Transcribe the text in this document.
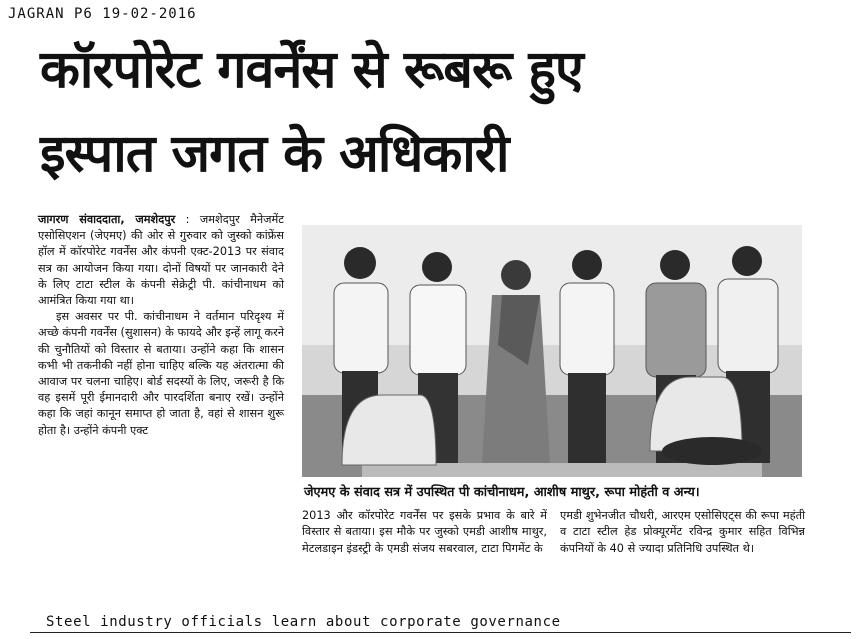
JAGRAN P6 19-02-2016
कॉरपोरेट गवर्नेंस से रूबरू हुए
इस्पात जगत के अधिकारी

जागरण संवाददाता, जमशेदपुर : जमशेदपुर मैनेजमेंट एसोसिएशन (जेएमए) की ओर से गुरुवार को जुस्को कांफ्रेंस हॉल में कॉरपोरेट गवर्नेंस और कंपनी एक्ट-2013 पर संवाद सत्र का आयोजन किया गया। दोनों विषयों पर जानकारी देने के लिए टाटा स्टील के कंपनी सेक्रेट्री पी. कांचीनाधम को आमंत्रित किया गया था।

इस अवसर पर पी. कांचीनाधम ने वर्तमान परिदृश्य में अच्छे कंपनी गवर्नेंस (सुशासन) के फायदे और इन्हें लागू करने की चुनौतियों को विस्तार से बताया। उन्होंने कहा कि शासन कभी भी तकनीकी नहीं होना चाहिए बल्कि यह अंतरात्मा की आवाज पर चलना चाहिए। बोर्ड सदस्यों के लिए, जरूरी है कि वह इसमें पूरी ईमानदारी और पारदर्शिता बनाए रखें। उन्होंने कहा कि जहां कानून समाप्त हो जाता है, वहां से शासन शुरू होता है। उन्होंने कंपनी एक्ट

जेएमए के संवाद सत्र में उपस्थित पी कांचीनाधम, आशीष माथुर, रूपा मोहंती व अन्य।

2013 और कॉरपोरेट गवर्नेंस पर इसके प्रभाव के बारे में विस्तार से बताया। इस मौके पर जुस्को एमडी आशीष माथुर, मेटलडाइन इंडस्ट्री के एमडी संजय सबरवाल, टाटा पिगमेंट के

एमडी शुभेनजीत चौधरी, आरएम एसोसिएट्स की रूपा महंती व टाटा स्टील हेड प्रोक्यूरमेंट रविन्द्र कुमार सहित विभिन्न कंपनियों के 40 से ज्यादा प्रतिनिधि उपस्थित थे।

Steel industry officials learn about corporate governance
